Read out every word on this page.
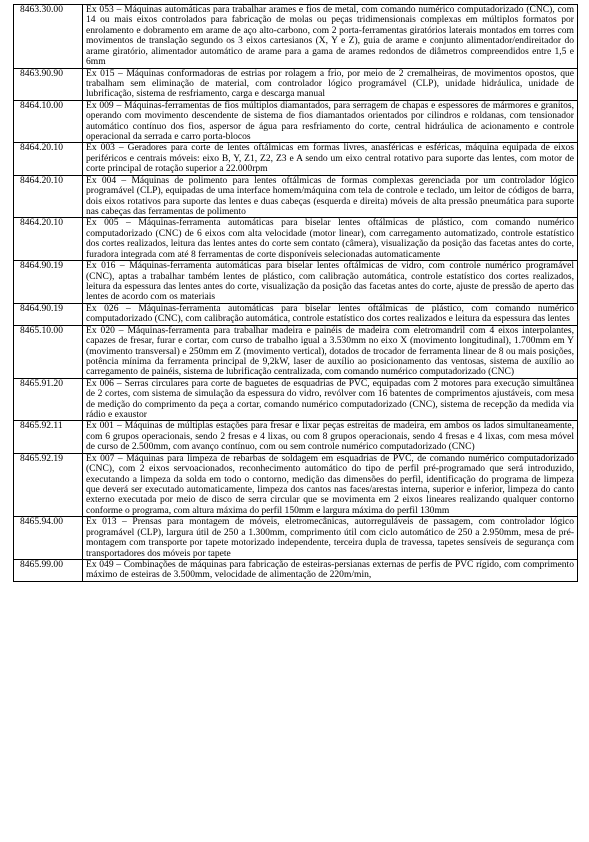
8463.30.00	Ex 053 – Máquinas automáticas para trabalhar arames e fios de metal, com comando numérico computadorizado (CNC), com 14 ou mais eixos controlados para fabricação de molas ou peças tridimensionais complexas em múltiplos formatos por enrolamento e dobramento em arame de aço alto-carbono, com 2 porta-ferramentas giratórios laterais montados em torres com movimentos de translação segundo os 3 eixos cartesianos (X, Y e Z), guia de arame e conjunto alimentador/endireitador do arame giratório, alimentador automático de arame para a gama de arames redondos de diâmetros compreendidos entre 1,5 e 6mm
8463.90.90	Ex 015 – Máquinas conformadoras de estrias por rolagem a frio, por meio de 2 cremalheiras, de movimentos opostos, que trabalham sem eliminação de material, com controlador lógico programável (CLP), unidade hidráulica, unidade de lubrificação, sistema de resfriamento, carga e descarga manual
8464.10.00	Ex 009 – Máquinas-ferramentas de fios múltiplos diamantados, para serragem de chapas e espessores de mármores e granitos, operando com movimento descendente de sistema de fios diamantados orientados por cilindros e roldanas, com tensionador automático contínuo dos fios, aspersor de água para resfriamento do corte, central hidráulica de acionamento e controle operacional da serrada e carro porta-blocos
8464.20.10	Ex 003 – Geradores para corte de lentes oftálmicas em formas livres, anasféricas e esféricas, máquina equipada de eixos periféricos e centrais móveis: eixo B, Y, Z1, Z2, Z3 e A sendo um eixo central rotativo para suporte das lentes, com motor de corte principal de rotação superior a 22.000rpm
8464.20.10	Ex 004 – Máquinas de polimento para lentes oftálmicas de formas complexas gerenciada por um controlador lógico programável (CLP), equipadas de uma interface homem/máquina com tela de controle e teclado, um leitor de códigos de barra, dois eixos rotativos para suporte das lentes e duas cabeças (esquerda e direita) móveis de alta pressão pneumática para suporte nas cabeças das ferramentas de polimento
8464.20.10	Ex 005 – Máquinas-ferramenta automáticas para biselar lentes oftálmicas de plástico, com comando numérico computadorizado (CNC) de 6 eixos com alta velocidade (motor linear), com carregamento automatizado, controle estatístico dos cortes realizados, leitura das lentes antes do corte sem contato (câmera), visualização da posição das facetas antes do corte, furadora integrada com até 8 ferramentas de corte disponíveis selecionadas automaticamente
8464.90.19	Ex 016 – Máquinas-ferramenta automáticas para biselar lentes oftálmicas de vidro, com controle numérico programável (CNC), aptas a trabalhar também lentes de plástico, com calibração automática, controle estatístico dos cortes realizados, leitura da espessura das lentes antes do corte, visualização da posição das facetas antes do corte, ajuste de pressão de aperto das lentes de acordo com os materiais
8464.90.19	Ex 026 – Máquinas-ferramenta automáticas para biselar lentes oftálmicas de plástico, com comando numérico computadorizado (CNC), com calibração automática, controle estatístico dos cortes realizados e leitura da espessura das lentes
8465.10.00	Ex 020 – Máquinas-ferramenta para trabalhar madeira e painéis de madeira com eletromandril com 4 eixos interpolantes, capazes de fresar, furar e cortar, com curso de trabalho igual a 3.530mm no eixo X (movimento longitudinal), 1.700mm em Y (movimento transversal) e 250mm em Z (movimento vertical), dotados de trocador de ferramenta linear de 8 ou mais posições, potência mínima da ferramenta principal de 9,2kW, laser de auxílio ao posicionamento das ventosas, sistema de auxílio ao carregamento de painéis, sistema de lubrificação centralizada, com comando numérico computadorizado (CNC)
8465.91.20	Ex 006 – Serras circulares para corte de baguetes de esquadrias de PVC, equipadas com 2 motores para execução simultânea de 2 cortes, com sistema de simulação da espessura do vidro, revólver com 16 batentes de comprimentos ajustáveis, com mesa de medição do comprimento da peça a cortar, comando numérico computadorizado (CNC), sistema de recepção da medida via rádio e exaustor
8465.92.11	Ex 001 – Máquinas de múltiplas estações para fresar e lixar peças estreitas de madeira, em ambos os lados simultaneamente, com 6 grupos operacionais, sendo 2 fresas e 4 lixas, ou com 8 grupos operacionais, sendo 4 fresas e 4 lixas, com mesa móvel de curso de 2.500mm, com avanço contínuo, com ou sem controle numérico computadorizado (CNC)
8465.92.19	Ex 007 – Máquinas para limpeza de rebarbas de soldagem em esquadrias de PVC, de comando numérico computadorizado (CNC), com 2 eixos servoacionados, reconhecimento automático do tipo de perfil pré-programado que será introduzido, executando a limpeza da solda em todo o contorno, medição das dimensões do perfil, identificação do programa de limpeza que deverá ser executado automaticamente, limpeza dos cantos nas faces/arestas interna, superior e inferior, limpeza do canto externo executada por meio de disco de serra circular que se movimenta em 2 eixos lineares realizando qualquer contorno conforme o programa, com altura máxima do perfil 150mm e largura máxima do perfil 130mm
8465.94.00	Ex 013 – Prensas para montagem de móveis, eletromecânicas, autorreguláveis de passagem, com controlador lógico programável (CLP), largura útil de 250 a 1.300mm, comprimento útil com ciclo automático de 250 a 2.950mm, mesa de pré-montagem com transporte por tapete motorizado independente, terceira dupla de travessa, tapetes sensíveis de segurança com transportadores dos móveis por tapete
8465.99.00	Ex 049 – Combinações de máquinas para fabricação de esteiras-persianas externas de perfis de PVC rígido, com comprimento máximo de esteiras de 3.500mm, velocidade de alimentação de 220m/min,
